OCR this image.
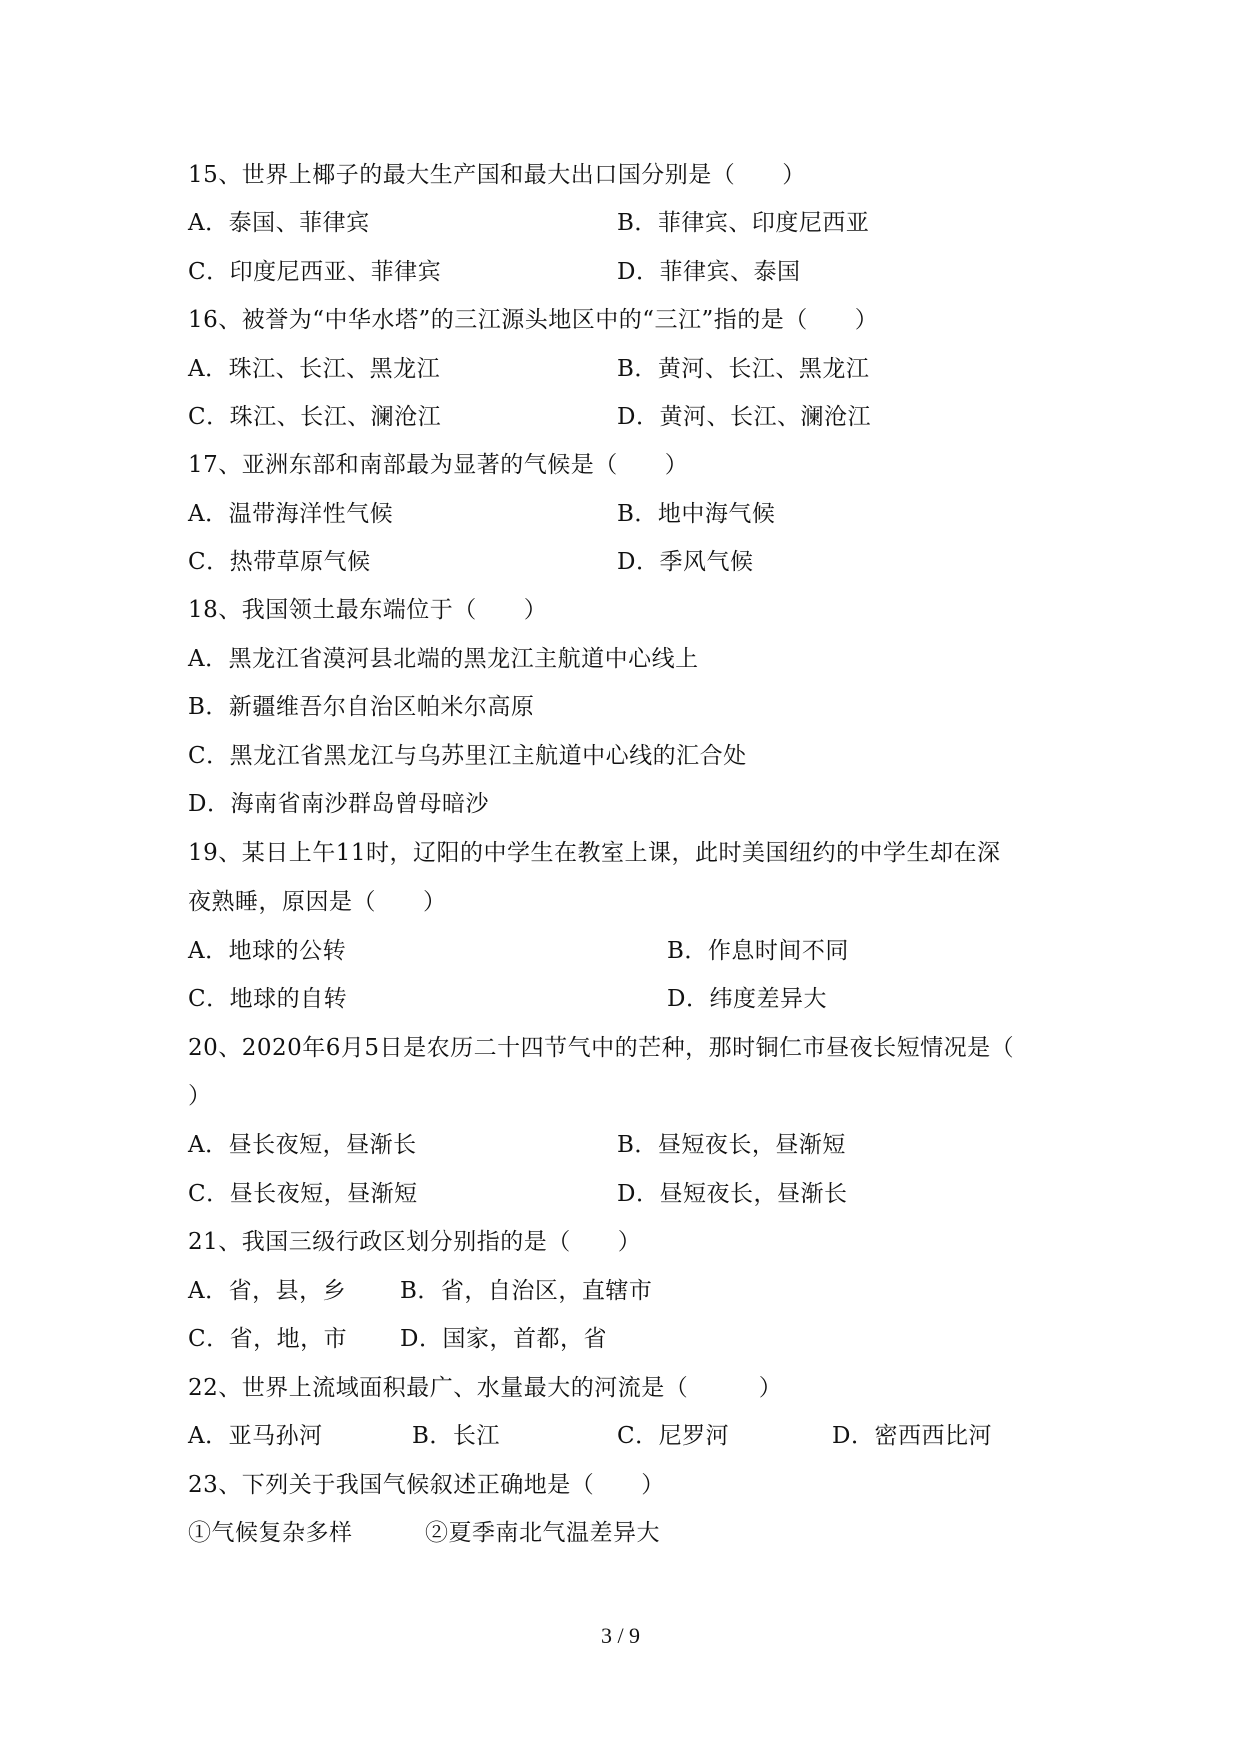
15、世界上椰子的最大生产国和最大出口国分别是（　　）
A．泰国、菲律宾	B．菲律宾、印度尼西亚
C．印度尼西亚、菲律宾	D．菲律宾、泰国
16、被誉为“中华水塔”的三江源头地区中的“三江”指的是（　　）
A．珠江、长江、黑龙江	B．黄河、长江、黑龙江
C．珠江、长江、澜沧江	D．黄河、长江、澜沧江
17、亚洲东部和南部最为显著的气候是（　　）
A．温带海洋性气候	B．地中海气候
C．热带草原气候	D．季风气候
18、我国领土最东端位于（　　）
A．黑龙江省漠河县北端的黑龙江主航道中心线上
B．新疆维吾尔自治区帕米尔高原
C．黑龙江省黑龙江与乌苏里江主航道中心线的汇合处
D．海南省南沙群岛曾母暗沙
19、某日上午11时，辽阳的中学生在教室上课，此时美国纽约的中学生却在深
夜熟睡，原因是（　　）
A．地球的公转	B．作息时间不同
C．地球的自转	D．纬度差异大
20、2020年6月5日是农历二十四节气中的芒种，那时铜仁市昼夜长短情况是（
）
A．昼长夜短，昼渐长	B．昼短夜长，昼渐短
C．昼长夜短，昼渐短	D．昼短夜长，昼渐长
21、我国三级行政区划分别指的是（　　）
A．省，县，乡 B．省，自治区，直辖市
C．省，地，市 D．国家，首都，省
22、世界上流域面积最广、水量最大的河流是（　　　）
A．亚马孙河	B．长江	C．尼罗河	D．密西西比河
23、下列关于我国气候叙述正确地是（　　）
①气候复杂多样	②夏季南北气温差异大
3 / 9
